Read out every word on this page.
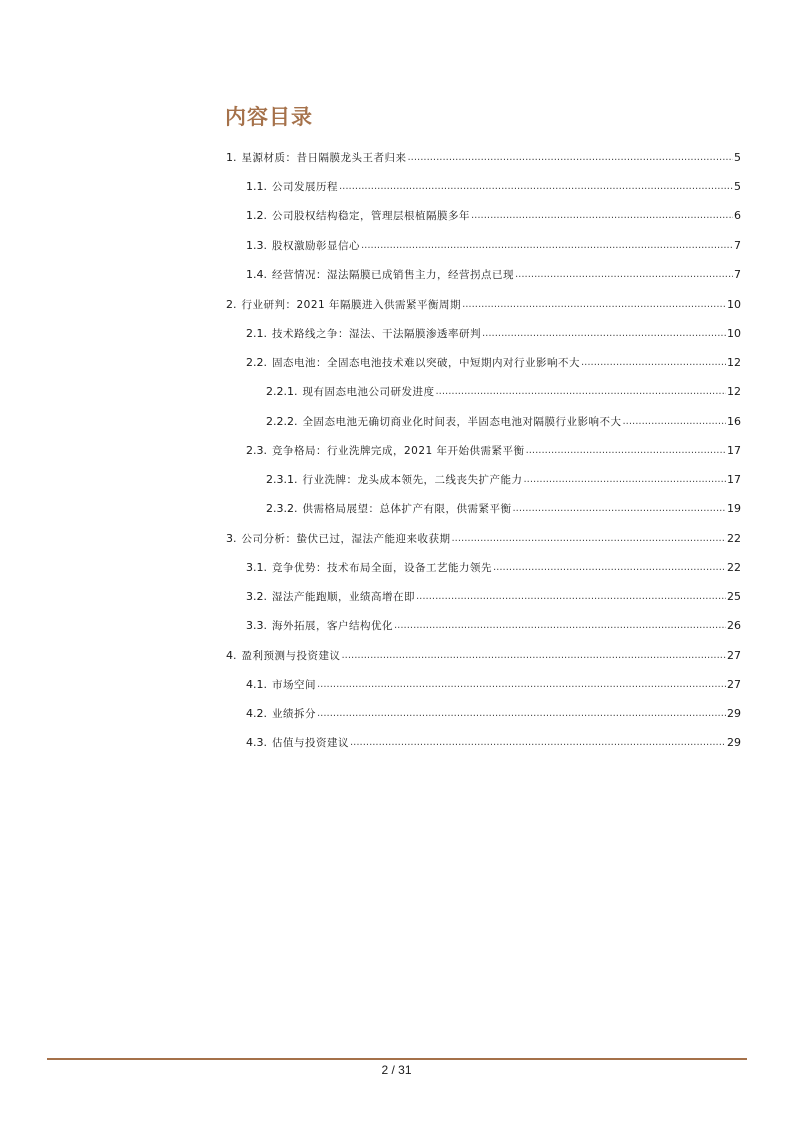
内容目录
1. 星源材质：昔日隔膜龙头王者归来 .....	5
1.1. 公司发展历程 .....	5
1.2. 公司股权结构稳定，管理层根植隔膜多年 .....	6
1.3. 股权激励彰显信心 .....	7
1.4. 经营情况：湿法隔膜已成销售主力，经营拐点已现 .....	7
2. 行业研判：2021 年隔膜进入供需紧平衡周期 .....	10
2.1. 技术路线之争：湿法、干法隔膜渗透率研判 .....	10
2.2. 固态电池：全固态电池技术难以突破，中短期内对行业影响不大 .....	12
2.2.1. 现有固态电池公司研发进度 .....	12
2.2.2. 全固态电池无确切商业化时间表，半固态电池对隔膜行业影响不大 .....	16
2.3. 竞争格局：行业洗牌完成，2021 年开始供需紧平衡 .....	17
2.3.1. 行业洗牌：龙头成本领先，二线丧失扩产能力 .....	17
2.3.2. 供需格局展望：总体扩产有限，供需紧平衡 .....	19
3. 公司分析：蛰伏已过，湿法产能迎来收获期 .....	22
3.1. 竞争优势：技术布局全面，设备工艺能力领先 .....	22
3.2. 湿法产能跑顺，业绩高增在即 .....	25
3.3. 海外拓展，客户结构优化 .....	26
4. 盈利预测与投资建议 .....	27
4.1. 市场空间 .....	27
4.2. 业绩拆分 .....	29
4.3. 估值与投资建议 .....	29
2 / 31
